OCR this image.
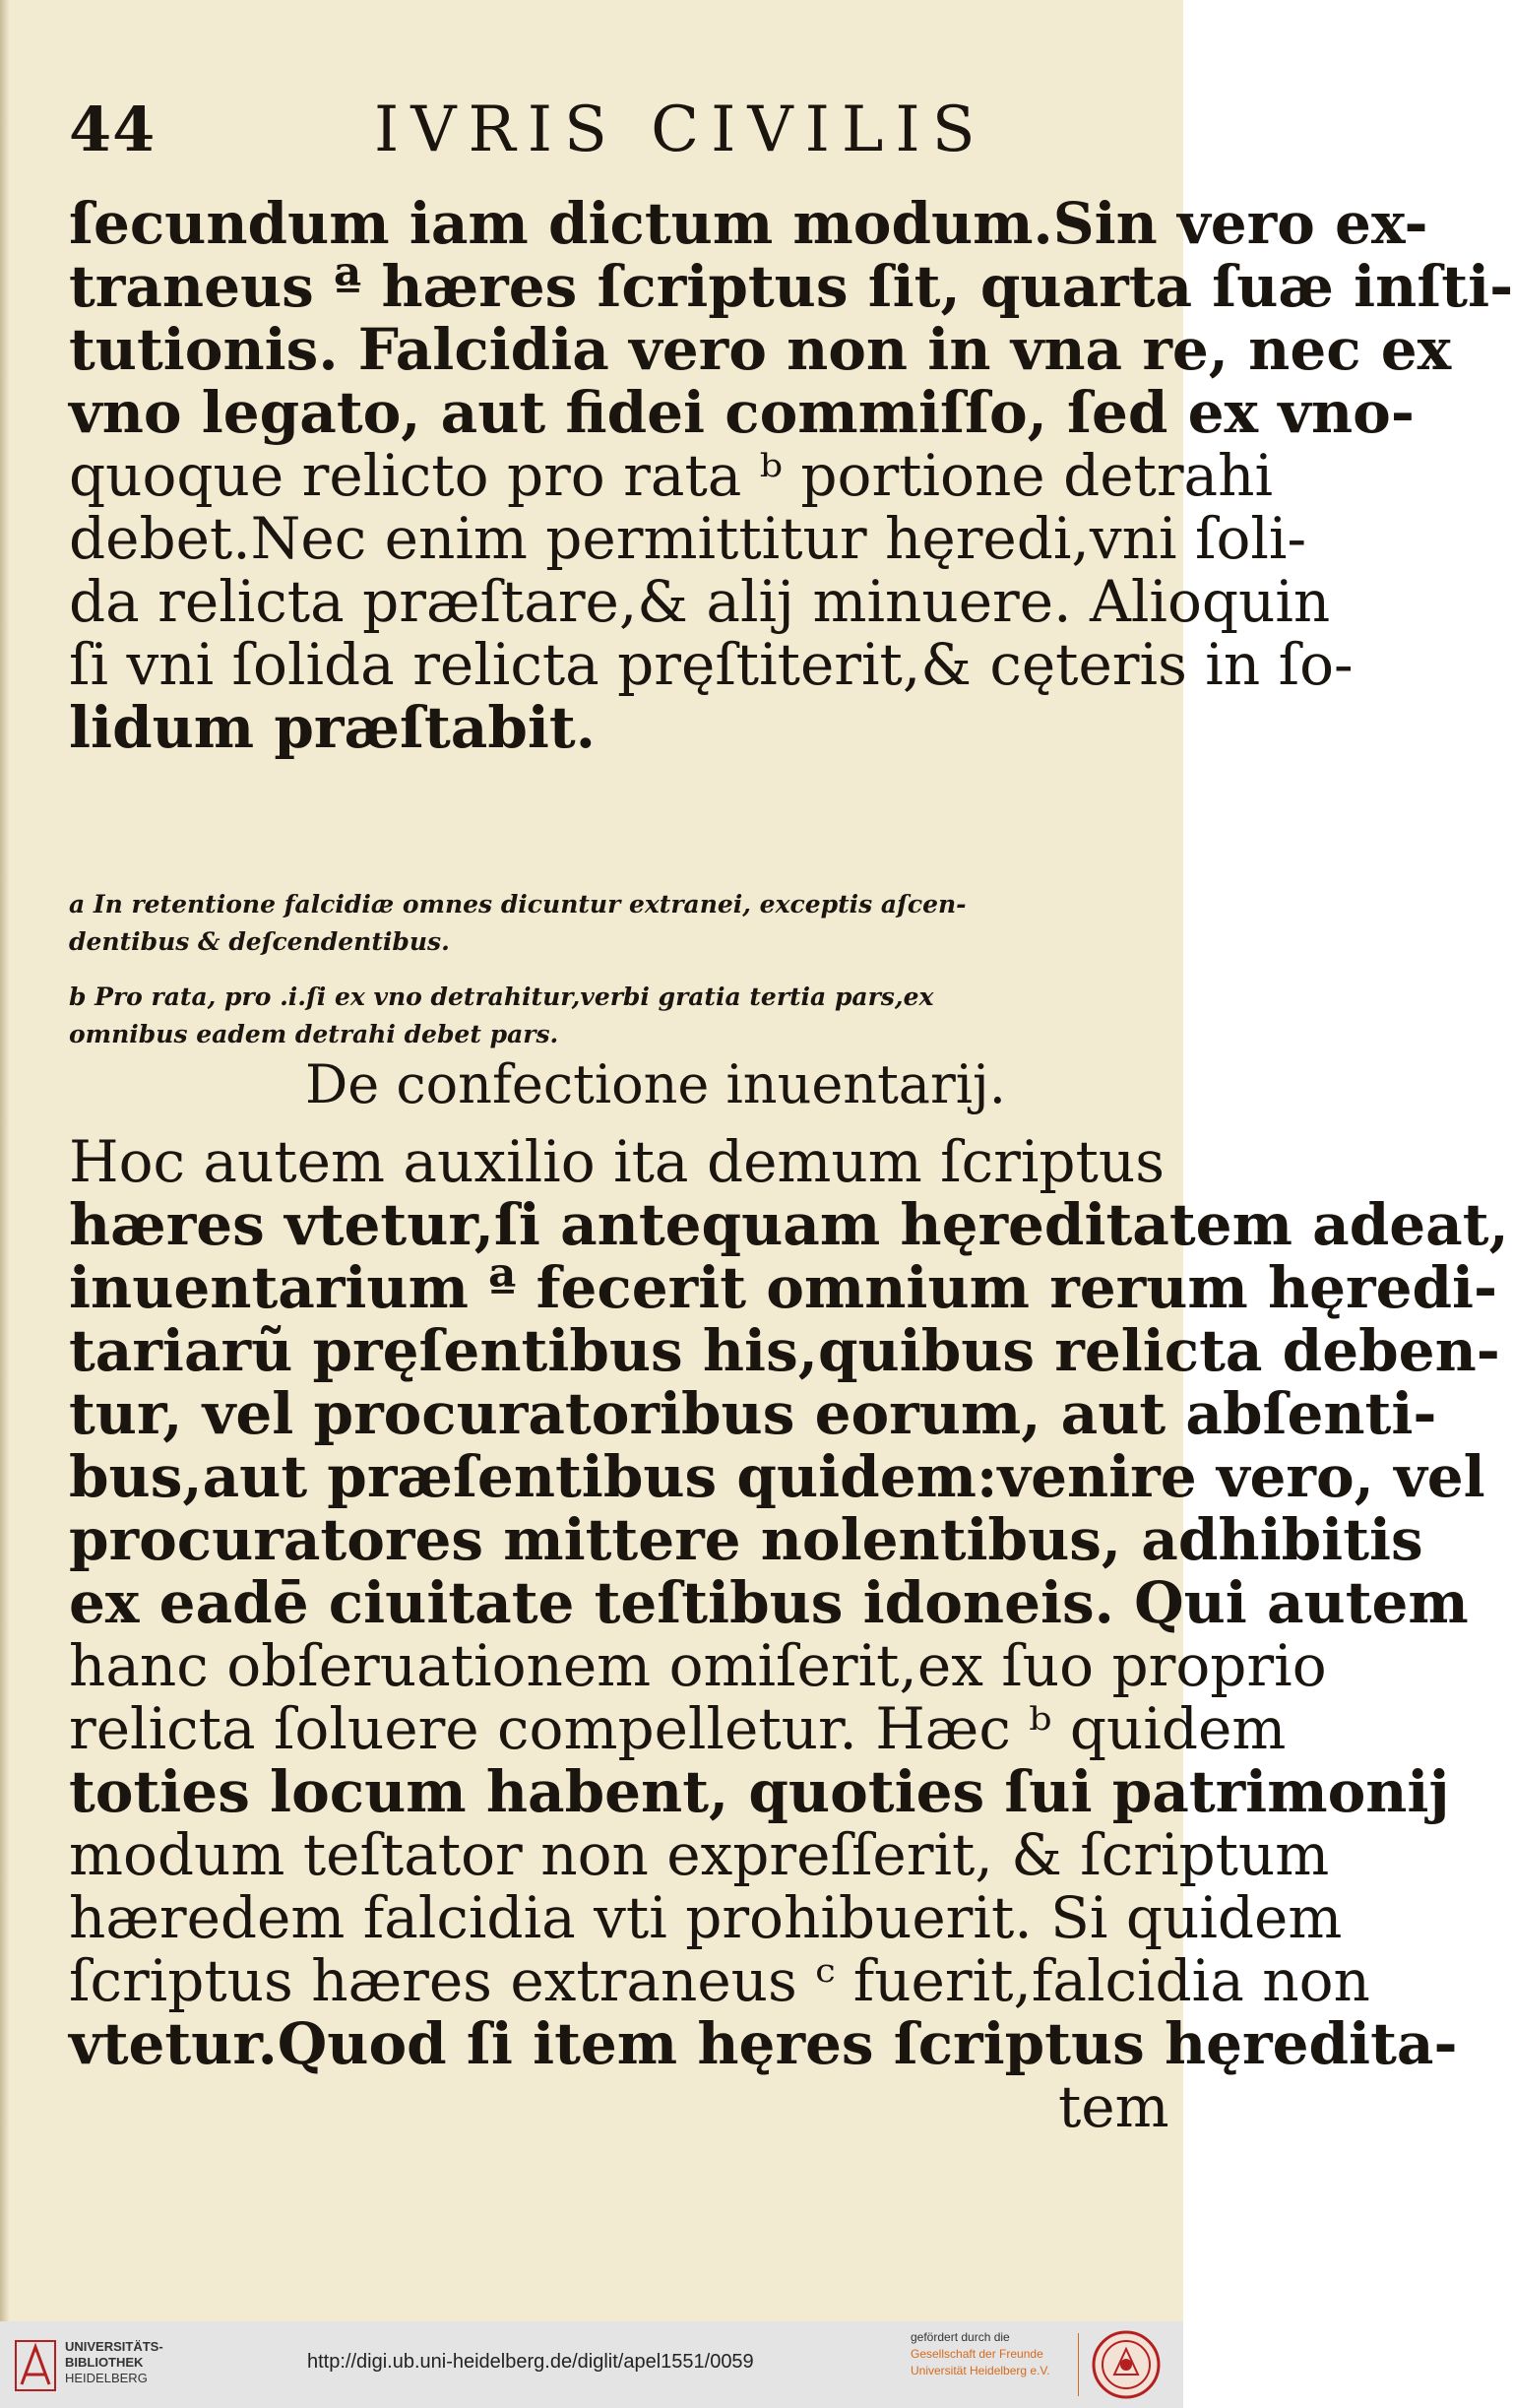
44	IVRIS CIVILIS
ſecundum iam dictum modum.Sin vero ex-
traneus ª hæres ſcriptus ſit, quarta ſuæ inſti-
tutionis. Falcidia vero non in vna re, nec ex
vno legato, aut fidei commiſſo, ſed ex vno-
quoque relicto pro rata ᵇ portione detrahi
debet.Nec enim permittitur hęredi,vni ſoli-
da relicta præſtare,& alij minuere. Alioquin
ſi vni ſolida relicta pręſtiterit,& cęteris in ſo-
lidum præſtabit.
a In retentione falcidiæ omnes dicuntur extranei, exceptis aſcen-
dentibus & deſcendentibus.
b Pro rata, pro .i.ſi ex vno detrahitur,verbi gratia tertia pars,ex
omnibus eadem detrahi debet pars.
De confectione inuentarij.
Hoc autem auxilio ita demum ſcriptus
hæres vtetur,ſi antequam hęreditatem adeat,
inuentarium ª fecerit omnium rerum hęredi-
tariarũ pręſentibus his,quibus relicta deben-
tur, vel procuratoribus eorum, aut abſenti-
bus,aut præſentibus quidem:venire vero, vel
procuratores mittere nolentibus, adhibitis
ex eadē ciuitate teſtibus idoneis. Qui autem
hanc obſeruationem omiſerit,ex ſuo proprio
relicta ſoluere compelletur. Hæc ᵇ quidem
toties locum habent, quoties ſui patrimonij
modum teſtator non expreſſerit, & ſcriptum
hæredem falcidia vti prohibuerit. Si quidem
ſcriptus hæres extraneus ᶜ fuerit,falcidia non
vtetur.Quod ſi item hęres ſcriptus hęredita-
tem
UNIVERSITÄTS-
BIBLIOTHEK
HEIDELBERG
http://digi.ub.uni-heidelberg.de/diglit/apel1551/0059
gefördert durch die
Gesellschaft der Freunde
Universität Heidelberg e.V.
